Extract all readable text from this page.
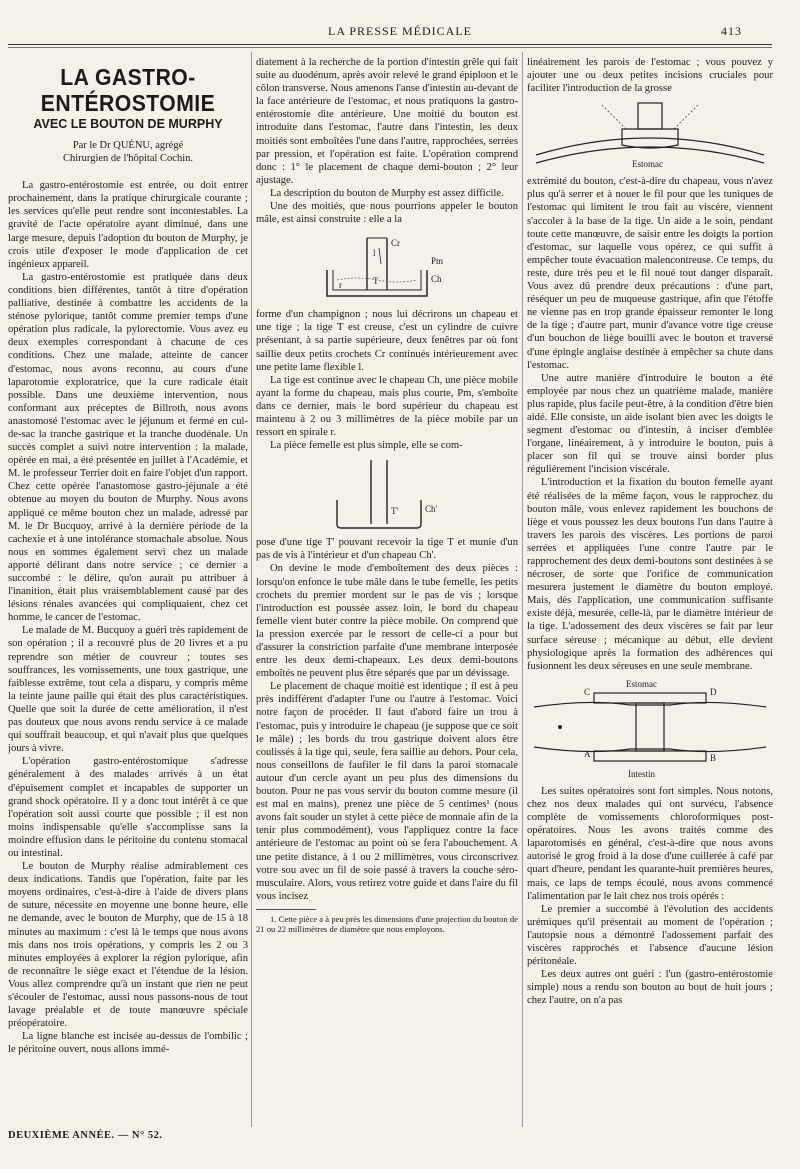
LA PRESSE MÉDICALE	413
LA GASTRO-ENTÉROSTOMIE
AVEC LE BOUTON DE MURPHY
Par le Dr QUÉNU, agrégé
Chirurgien de l'hôpital Cochin.

La gastro-entérostomie est entrée, ou doit entrer prochainement, dans la pratique chirurgicale courante ; les services qu'elle peut rendre sont incontestables. La gravité de l'acte opératoire ayant diminué, dans une large mesure, depuis l'adoption du bouton de Murphy, je crois utile d'exposer le mode d'application de cet ingénieux appareil.

La gastro-entérostomie est pratiquée dans deux conditions bien différentes, tantôt à titre d'opération palliative, destinée à combattre les accidents de la sténose pylorique, tantôt comme premier temps d'une opération plus radicale, la pylorectomie. Vous avez eu deux exemples correspondant à chacune de ces conditions. Chez une malade, atteinte de cancer d'estomac, nous avons reconnu, au cours d'une laparotomie exploratrice, que la cure radicale était possible. Dans une deuxième intervention, nous conformant aux préceptes de Billroth, nous avons anastomosé l'estomac avec le jéjunum et fermé en cul-de-sac la tranche gastrique et la tranche duodénale. Un succès complet a suivi notre intervention : la malade, opérée en mai, a été présentée en juillet à l'Académie, et M. le professeur Terrier doit en faire l'objet d'un rapport. Chez cette opérée l'anastomose gastro-jéjunale a été obtenue au moyen du bouton de Murphy. Nous avons appliqué ce même bouton chez un malade, adressé par M. le Dr Bucquoy, arrivé à la dernière période de la cachexie et à une intolérance stomachale absolue. Nous nous en sommes également servi chez un malade apporté délirant dans notre service ; ce dernier a succombé : le délire, qu'on aurait pu attribuer à l'inanition, était plus vraisemblablement causé par des lésions rénales avancées qui compliquaient, chez cet homme, le cancer de l'estomac.

Le malade de M. Bucquoy a guéri très rapidement de son opération ; il a recouvré plus de 20 livres et a pu reprendre son métier de couvreur ; toutes ses souffrances, les vomissements, une toux gastrique, une faiblesse extrême, tout cela a disparu, y compris même la teinte jaune paille qui était des plus caractéristiques. Quelle que soit la durée de cette amélioration, il n'est pas douteux que nous avons rendu service à ce malade qui souffrait beaucoup, et qui n'avait plus que quelques jours à vivre.

L'opération gastro-entérostomique s'adresse généralement à des malades arrivés à un état d'épuisement complet et incapables de supporter un grand shock opératoire. Il y a donc tout intérêt à ce que l'opération soit aussi courte que possible ; il est non moins indispensable qu'elle s'accomplisse sans la moindre effusion dans le péritoine du contenu stomacal ou intestinal.

Le bouton de Murphy réalise admirablement ces deux indications. Tandis que l'opération, faite par les moyens ordinaires, c'est-à-dire à l'aide de divers plans de suture, nécessite en moyenne une bonne heure, elle ne demande, avec le bouton de Murphy, que de 15 à 18 minutes au maximum : c'est là le temps que nous avons mis dans nos trois opérations, y compris les 2 ou 3 minutes employées à explorer la région pylorique, afin de reconnaître le siège exact et l'étendue de la lésion. Vous allez comprendre qu'à un instant que rien ne peut s'écouler de l'estomac, aussi nous passons-nous de tout lavage préalable et de toute manœuvre spéciale préopératoire.

La ligne blanche est incisée au-dessus de l'ombilic ; le péritoine ouvert, nous allons immé-

DEUXIÈME ANNÉE. — N° 52.

diatement à la recherche de la portion d'intestin grêle qui fait suite au duodénum, après avoir relevé le grand épiploon et le côlon transverse. Nous amenons l'anse d'intestin au-devant de la face antérieure de l'estomac, et nous pratiquons la gastro-entérostomie dite antérieure. Une moitié du bouton est introduite dans l'estomac, l'autre dans l'intestin, les deux moitiés sont emboîtées l'une dans l'autre, rapprochées, serrées par pression, et l'opération est faite. L'opération comprend donc : 1° le placement de chaque demi-bouton ; 2° leur ajustage.

La description du bouton de Murphy est assez difficile.

Une des moitiés, que nous pourrions appeler le bouton mâle, est ainsi construite : elle a la

Cr
l
Pm
r	T	Ch

forme d'un champignon ; nous lui décrirons un chapeau et une tige ; la tige T est creuse, c'est un cylindre de cuivre présentant, à sa partie supérieure, deux fenêtres par où font saillie deux petits crochets Cr continués intérieurement avec une petite lame flexible l.

La tige est continue avec le chapeau Ch, une pièce mobile ayant la forme du chapeau, mais plus courte, Pm, s'emboîte dans ce dernier, mais le bord supérieur du chapeau est maintenu à 2 ou 3 millimètres de la pièce mobile par un ressort en spirale r.

La pièce femelle est plus simple, elle se com-

T'	Ch'

pose d'une tige T' pouvant recevoir la tige T et munie d'un pas de vis à l'intérieur et d'un chapeau Ch'.

On devine le mode d'emboîtement des deux pièces : lorsqu'on enfonce le tube mâle dans le tube femelle, les petits crochets du premier mordent sur le pas de vis ; lorsque l'introduction est poussée assez loin, le bord du chapeau femelle vient buter contre la pièce mobile. On comprend que la pression exercée par le ressort de celle-ci a pour but d'assurer la constriction parfaite d'une membrane interposée entre les deux demi-chapeaux. Les deux demi-boutons emboîtés ne peuvent plus être séparés que par un dévissage.

Le placement de chaque moitié est identique ; il est à peu près indifférent d'adapter l'une ou l'autre à l'estomac. Voici notre façon de procéder. Il faut d'abord faire un trou à l'estomac, puis y introduire le chapeau (je suppose que ce soit le mâle) ; les bords du trou gastrique doivent alors être coulissés à la tige qui, seule, fera saillie au dehors. Pour cela, nous conseillons de faufiler le fil dans la paroi stomacale autour d'un cercle ayant un peu plus des dimensions du bouton. Pour ne pas vous servir du bouton comme mesure (il est mal en mains), prenez une pièce de 5 centimes¹ (nous avons fait souder un stylet à cette pièce de monnaie afin de la tenir plus commodément), vous l'appliquez contre la face antérieure de l'estomac au point où se fera l'abouchement. A une petite distance, à 1 ou 2 millimètres, vous circonscrivez votre sou avec un fil de soie passé à travers la couche séro-musculaire. Alors, vous retirez votre guide et dans l'aire du fil vous incisez

1. Cette pièce a à peu près les dimensions d'une projection du bouton de 21 ou 22 millimètres de diamètre que nous employons.

linéairement les parois de l'estomac ; vous pouvez y ajouter une ou deux petites incisions cruciales pour faciliter l'introduction de la grosse

Estomac

extrémité du bouton, c'est-à-dire du chapeau, vous n'avez plus qu'à serrer et à nouer le fil pour que les tuniques de l'estomac qui limitent le trou fait au viscère, viennent s'accoler à la base de la tige. Un aide a le soin, pendant toute cette manœuvre, de saisir entre les doigts la portion d'estomac, sur laquelle vous opérez, ce qui suffit à empêcher toute évacuation malencontreuse. Ce temps, du reste, dure très peu et le fil noué tout danger disparaît. Vous avez dû prendre deux précautions : d'une part, réséquer un peu de muqueuse gastrique, afin que l'étoffe ne vienne pas en trop grande épaisseur remonter le long de la tige ; d'autre part, munir d'avance votre tige creuse d'un bouchon de liège bouilli avec le bouton et traversé d'une épingle anglaise destinée à empêcher sa chute dans l'estomac.

Une autre manière d'introduire le bouton a été employée par nous chez un quatrième malade, manière plus rapide, plus facile peut-être, à la condition d'être bien aidé. Elle consiste, un aide isolant bien avec les doigts le segment d'estomac ou d'intestin, à inciser d'emblée l'organe, linéairement, à y introduire le bouton, puis à placer son fil qui se trouve ainsi border plus régulièrement l'incision viscérale.

L'introduction et la fixation du bouton femelle ayant été réalisées de la même façon, vous le rapprochez du bouton mâle, vous enlevez rapidement les bouchons de liège et vous poussez les deux boutons l'un dans l'autre à travers les parois des viscères. Les portions de paroi serrées et appliquées l'une contre l'autre par le rapprochement des deux demi-boutons sont destinées à se nécroser, de sorte que l'orifice de communication mesurera justement le diamètre du bouton employé. Mais, dès l'application, une communication suffisante existe déjà, mesurée, celle-là, par le diamètre intérieur de la tige. L'adossement des deux viscères se fait par leur surface séreuse ; mécanique au début, elle devient physiologique après la formation des adhérences qui fusionnent les deux séreuses en une seule membrane.

Estomac
C	D
A	B
Intestin

Les suites opératoires sont fort simples. Nous notons, chez nos deux malades qui ont survécu, l'absence complète de vomissements chloroformiques post-opératoires. Nous les avons traités comme des laparotomisés en général, c'est-à-dire que nous avons autorisé le grog froid à la dose d'une cuillerée à café par quart d'heure, pendant les quarante-huit premières heures, mais, ce laps de temps écoulé, nous avons commencé l'alimentation par le lait chez nos trois opérés :

Le premier a succombé à l'évolution des accidents urémiques qu'il présentait au moment de l'opération ; l'autopsie nous a démontré l'adossement parfait des viscères rapprochés et l'absence d'aucune lésion péritonéale.

Les deux autres ont guéri : l'un (gastro-entérostomie simple) nous a rendu son bouton au bout de huit jours ; chez l'autre, on n'a pas
